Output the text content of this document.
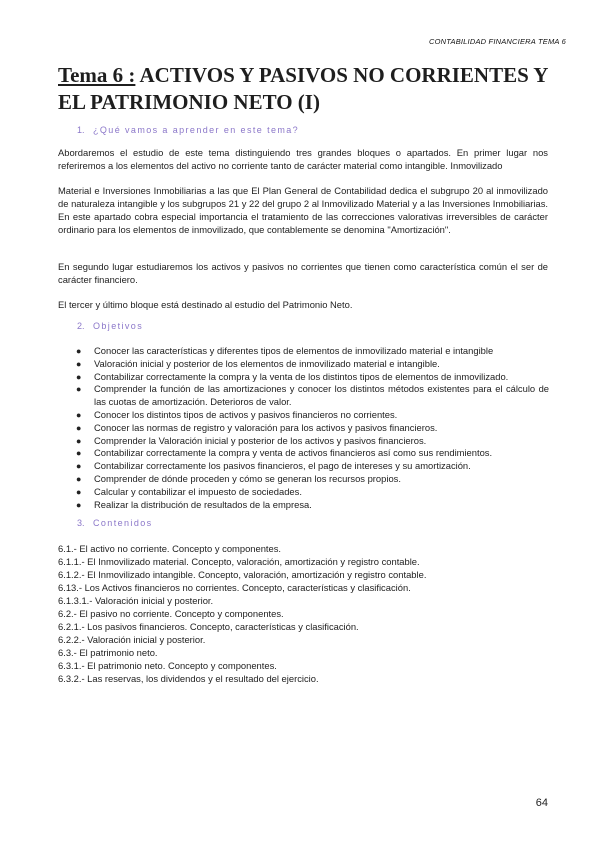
CONTABILIDAD FINANCIERA TEMA 6
Tema 6 : ACTIVOS Y PASIVOS NO CORRIENTES Y EL PATRIMONIO NETO (I)
1. ¿Qué vamos a aprender en este tema?

Abordaremos el estudio de este tema distinguiendo tres grandes bloques o apartados. En primer lugar nos referiremos a los elementos del activo no corriente tanto de carácter material como intangible. Inmovilizado

Material e Inversiones Inmobiliarias a las que El Plan General de Contabilidad dedica el subgrupo 20 al inmovilizado de naturaleza intangible y los subgrupos 21 y 22 del grupo 2 al Inmovilizado Material y a las Inversiones Inmobiliarias. En este apartado cobra especial importancia el tratamiento de las correcciones valorativas irreversibles de carácter ordinario para los elementos de inmovilizado, que contablemente se denomina "Amortización".

En segundo lugar estudiaremos los activos y pasivos no corrientes que tienen como característica común el ser de carácter financiero.

El tercer y último bloque está destinado al estudio del Patrimonio Neto.

2. Objetivos
● Conocer las características y diferentes tipos de elementos de inmovilizado material e intangible
● Valoración inicial y posterior de los elementos de inmovilizado material e intangible.
● Contabilizar correctamente la compra y la venta de los distintos tipos de elementos de inmovilizado.
● Comprender la función de las amortizaciones y conocer los distintos métodos existentes para el cálculo de las cuotas de amortización. Deterioros de valor.
● Conocer los distintos tipos de activos y pasivos financieros no corrientes.
● Conocer las normas de registro y valoración para los activos y pasivos financieros.
● Comprender la Valoración inicial y posterior de los activos y pasivos financieros.
● Contabilizar correctamente la compra y venta de activos financieros así como sus rendimientos.
● Contabilizar correctamente los pasivos financieros, el pago de intereses y su amortización.
● Comprender de dónde proceden y cómo se generan los recursos propios.
● Calcular y contabilizar el impuesto de sociedades.
● Realizar la distribución de resultados de la empresa.
3. Contenidos
6.1.- El activo no corriente. Concepto y componentes.
6.1.1.- El Inmovilizado material. Concepto, valoración, amortización y registro contable.
6.1.2.- El Inmovilizado intangible. Concepto, valoración, amortización y registro contable.
6.13.- Los Activos financieros no corrientes. Concepto, características y clasificación.
6.1.3.1.- Valoración inicial y posterior.
6.2.- El pasivo no corriente. Concepto y componentes.
6.2.1.- Los pasivos financieros. Concepto, características y clasificación.
6.2.2.- Valoración inicial y posterior.
6.3.- El patrimonio neto.
6.3.1.- El patrimonio neto. Concepto y componentes.
6.3.2.- Las reservas, los dividendos y el resultado del ejercicio.
64
